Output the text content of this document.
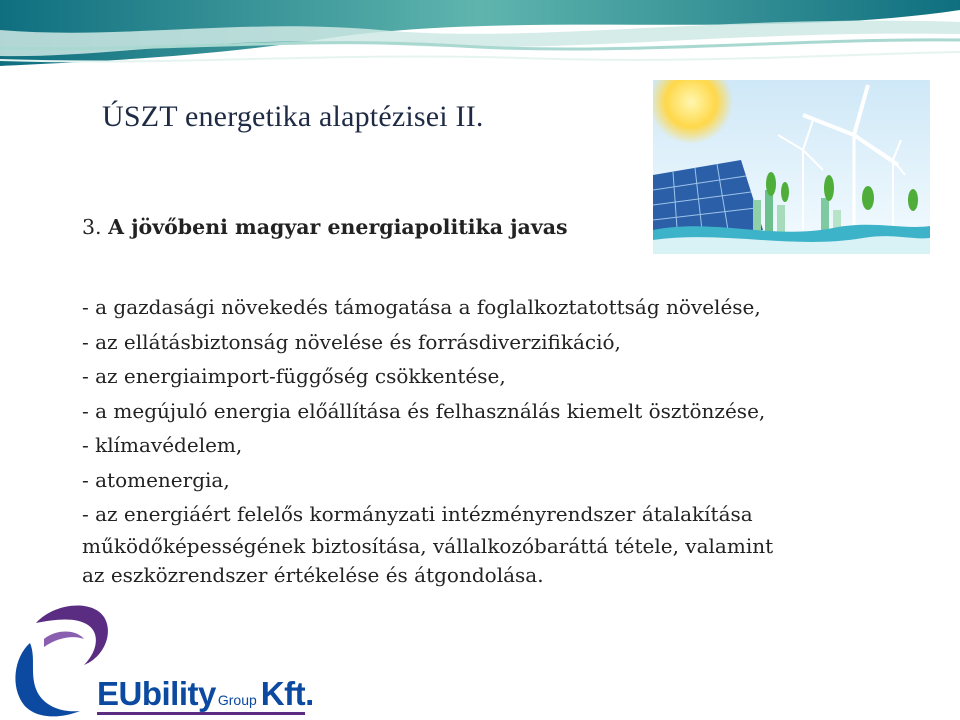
ÚSZT energetika alaptézisei II.
3. A jövőbeni magyar energiapolitika javas
- a gazdasági növekedés támogatása a foglalkoztatottság növelése,
- az ellátásbiztonság növelése és forrásdiverzifikáció,
- az energiaimport-függőség csökkentése,
- a megújuló energia előállítása és felhasználás kiemelt ösztönzése,
- klímavédelem,
- atomenergia,
- az energiáért felelős kormányzati intézményrendszer átalakítása
működőképességének biztosítása, vállalkozóbaráttá tétele, valamint
az eszközrendszer értékelése és átgondolása.
EUbility Group Kft.
